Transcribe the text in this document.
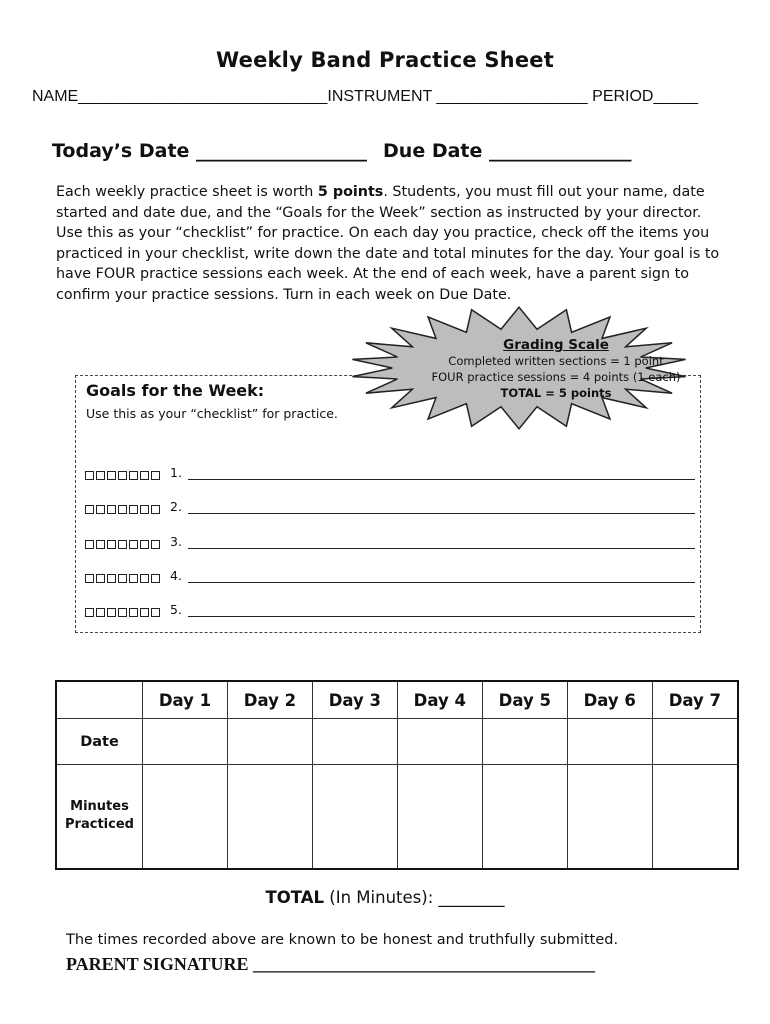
Weekly Band Practice Sheet
NAME____________________________INSTRUMENT _________________ PERIOD_____
Today’s Date __________________ Due Date _______________
Each weekly practice sheet is worth 5 points. Students, you must fill out your name, date started and date due, and the “Goals for the Week” section as instructed by your director. Use this as your “checklist” for practice. On each day you practice, check off the items you practiced in your checklist, write down the date and total minutes for the day. Your goal is to have FOUR practice sessions each week. At the end of each week, have a parent sign to confirm your practice sessions. Turn in each week on Due Date.
Goals for the Week:
Use this as your “checklist” for practice.
1.
2.
3.
4.
5.
Grading Scale
Completed written sections = 1 point
FOUR practice sessions = 4 points (1 each)
TOTAL = 5 points
	Day 1	Day 2	Day 3	Day 4	Day 5	Day 6	Day 7
Date							
Minutes
Practiced							
TOTAL (In Minutes): ________
The times recorded above are known to be honest and truthfully submitted.
PARENT SIGNATURE ______________________________________
